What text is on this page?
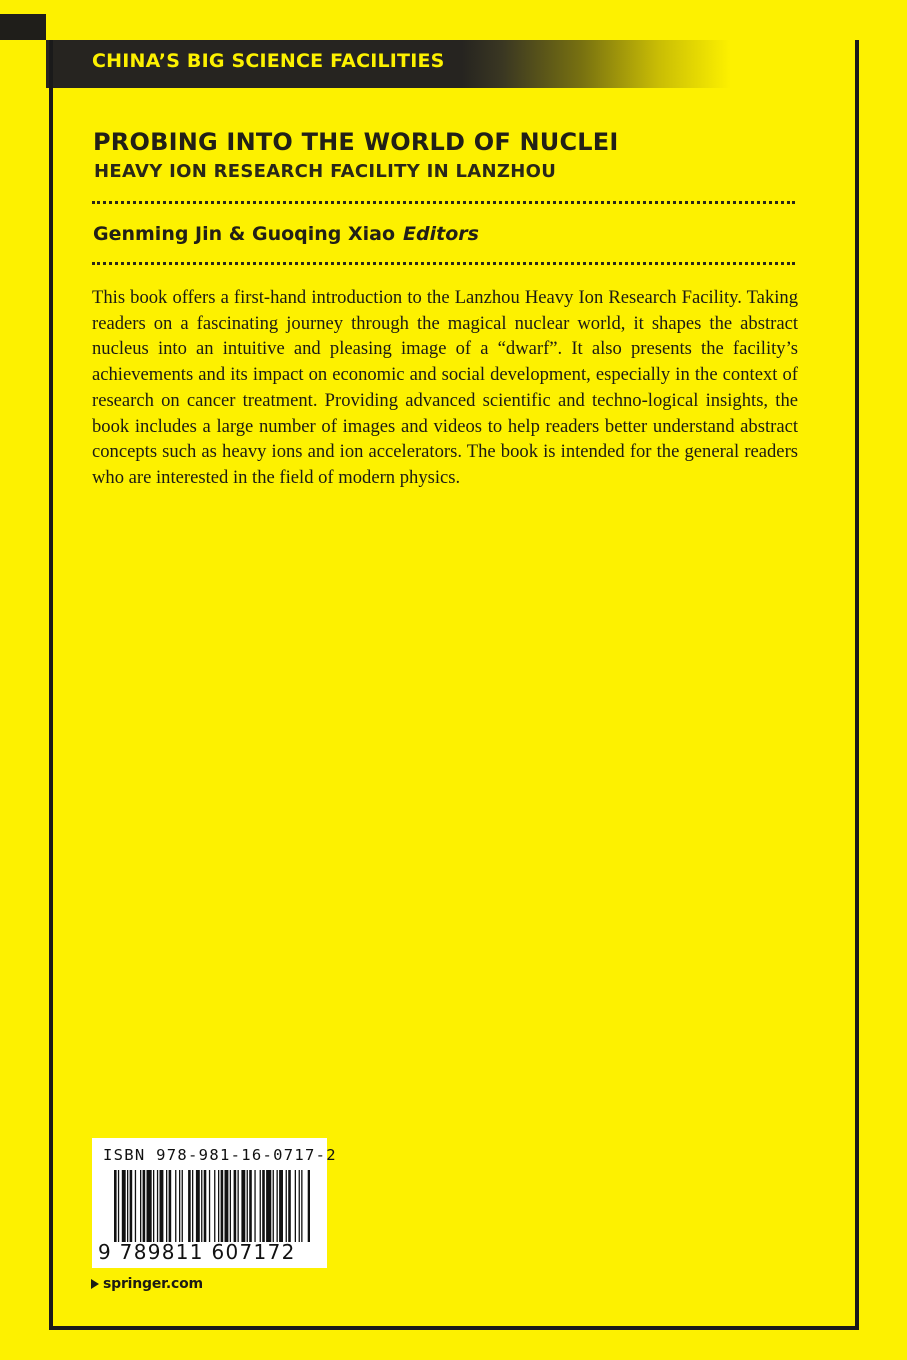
CHINA’S BIG SCIENCE FACILITIES
PROBING INTO THE WORLD OF NUCLEI
HEAVY ION RESEARCH FACILITY IN LANZHOU
Genming Jin & Guoqing Xiao Editors
This book offers a first-hand introduction to the Lanzhou Heavy Ion Research Facility. Taking readers on a fascinating journey through the magical nuclear world, it shapes the abstract nucleus into an intuitive and pleasing image of a “dwarf”. It also presents the facility’s achievements and its impact on economic and social development, especially in the context of research on cancer treatment. Providing advanced scientific and techno-logical insights, the book includes a large number of images and videos to help readers better understand abstract concepts such as heavy ions and ion accelerators. The book is intended for the general readers who are interested in the field of modern physics.
ISBN 978-981-16-0717-2
9 789811 607172
springer.com
